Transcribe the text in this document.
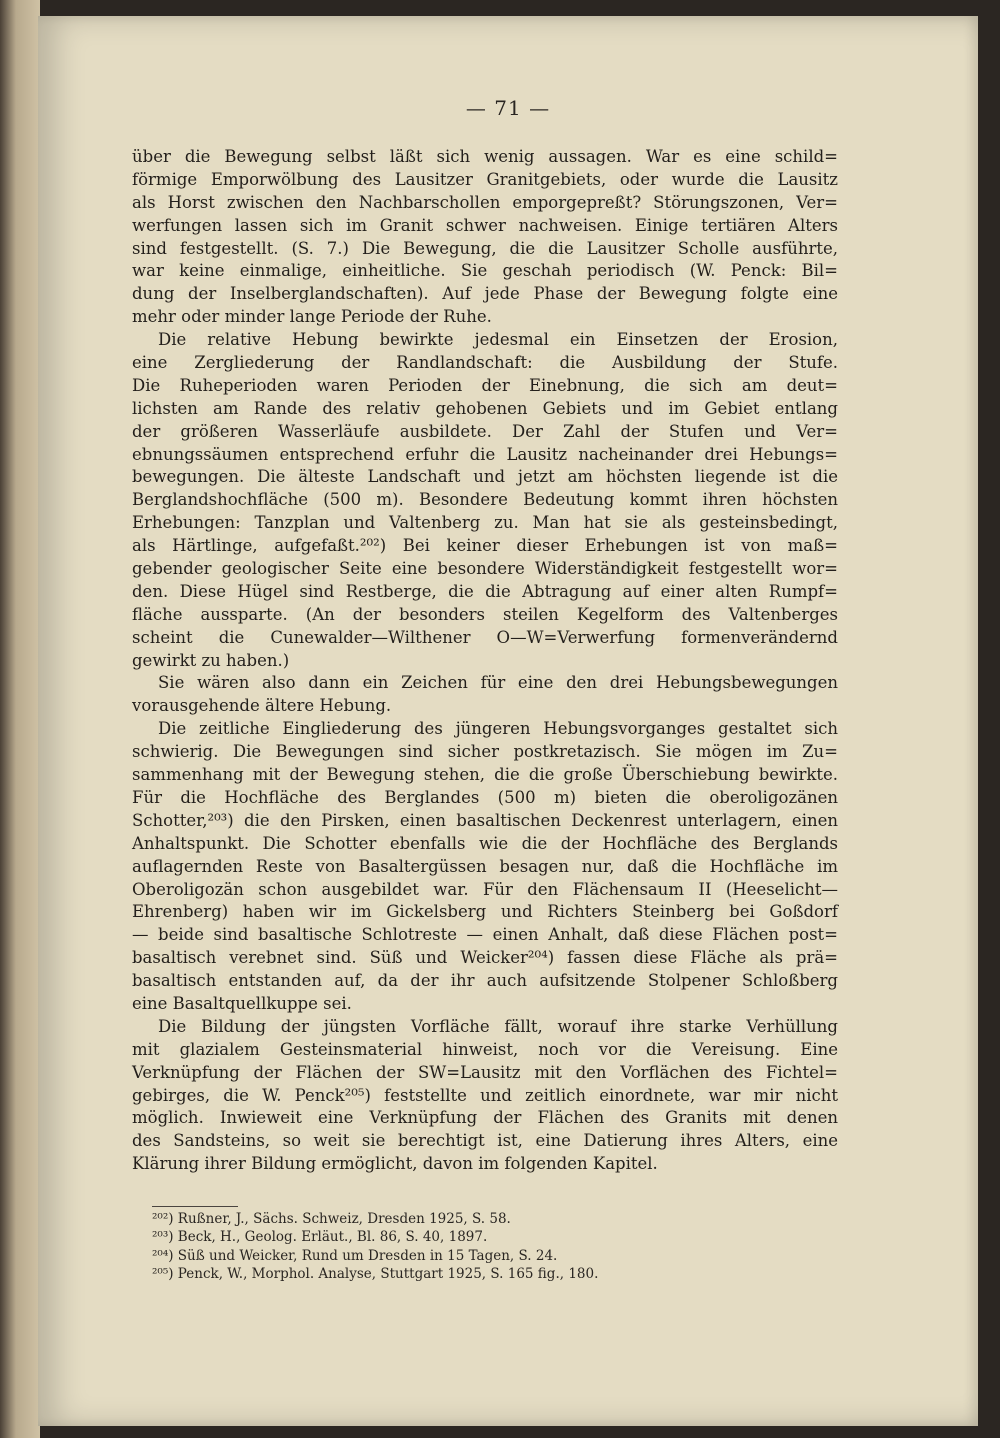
— 71 —
über die Bewegung selbst läßt sich wenig aussagen. War es eine schild=
förmige Emporwölbung des Lausitzer Granitgebiets, oder wurde die Lausitz
als Horst zwischen den Nachbarschollen emporgepreßt? Störungszonen, Ver=
werfungen lassen sich im Granit schwer nachweisen. Einige tertiären Alters
sind festgestellt. (S. 7.) Die Bewegung, die die Lausitzer Scholle ausführte,
war keine einmalige, einheitliche. Sie geschah periodisch (W. Penck: Bil=
dung der Inselberglandschaften). Auf jede Phase der Bewegung folgte eine
mehr oder minder lange Periode der Ruhe.
Die relative Hebung bewirkte jedesmal ein Einsetzen der Erosion,
eine Zergliederung der Randlandschaft: die Ausbildung der Stufe.
Die Ruheperioden waren Perioden der Einebnung, die sich am deut=
lichsten am Rande des relativ gehobenen Gebiets und im Gebiet entlang
der größeren Wasserläufe ausbildete. Der Zahl der Stufen und Ver=
ebnungssäumen entsprechend erfuhr die Lausitz nacheinander drei Hebungs=
bewegungen. Die älteste Landschaft und jetzt am höchsten liegende ist die
Berglandshochfläche (500 m). Besondere Bedeutung kommt ihren höchsten
Erhebungen: Tanzplan und Valtenberg zu. Man hat sie als gesteinsbedingt,
als Härtlinge, aufgefaßt.²⁰²) Bei keiner dieser Erhebungen ist von maß=
gebender geologischer Seite eine besondere Widerständigkeit festgestellt wor=
den. Diese Hügel sind Restberge, die die Abtragung auf einer alten Rumpf=
fläche aussparte. (An der besonders steilen Kegelform des Valtenberges
scheint die Cunewalder—Wilthener O—W=Verwerfung formenverändernd
gewirkt zu haben.)
Sie wären also dann ein Zeichen für eine den drei Hebungsbewegungen
vorausgehende ältere Hebung.
Die zeitliche Eingliederung des jüngeren Hebungsvorganges gestaltet sich
schwierig. Die Bewegungen sind sicher postkretazisch. Sie mögen im Zu=
sammenhang mit der Bewegung stehen, die die große Überschiebung bewirkte.
Für die Hochfläche des Berglandes (500 m) bieten die oberoligozänen
Schotter,²⁰³) die den Pirsken, einen basaltischen Deckenrest unterlagern, einen
Anhaltspunkt. Die Schotter ebenfalls wie die der Hochfläche des Berglands
auflagernden Reste von Basaltergüssen besagen nur, daß die Hochfläche im
Oberoligozän schon ausgebildet war. Für den Flächensaum II (Heeselicht—
Ehrenberg) haben wir im Gickelsberg und Richters Steinberg bei Goßdorf
— beide sind basaltische Schlotreste — einen Anhalt, daß diese Flächen post=
basaltisch verebnet sind. Süß und Weicker²⁰⁴) fassen diese Fläche als prä=
basaltisch entstanden auf, da der ihr auch aufsitzende Stolpener Schloßberg
eine Basaltquellkuppe sei.
Die Bildung der jüngsten Vorfläche fällt, worauf ihre starke Verhüllung
mit glazialem Gesteinsmaterial hinweist, noch vor die Vereisung. Eine
Verknüpfung der Flächen der SW=Lausitz mit den Vorflächen des Fichtel=
gebirges, die W. Penck²⁰⁵) feststellte und zeitlich einordnete, war mir nicht
möglich. Inwieweit eine Verknüpfung der Flächen des Granits mit denen
des Sandsteins, so weit sie berechtigt ist, eine Datierung ihres Alters, eine
Klärung ihrer Bildung ermöglicht, davon im folgenden Kapitel.
²⁰²) Rußner, J., Sächs. Schweiz, Dresden 1925, S. 58.
²⁰³) Beck, H., Geolog. Erläut., Bl. 86, S. 40, 1897.
²⁰⁴) Süß und Weicker, Rund um Dresden in 15 Tagen, S. 24.
²⁰⁵) Penck, W., Morphol. Analyse, Stuttgart 1925, S. 165 fig., 180.
